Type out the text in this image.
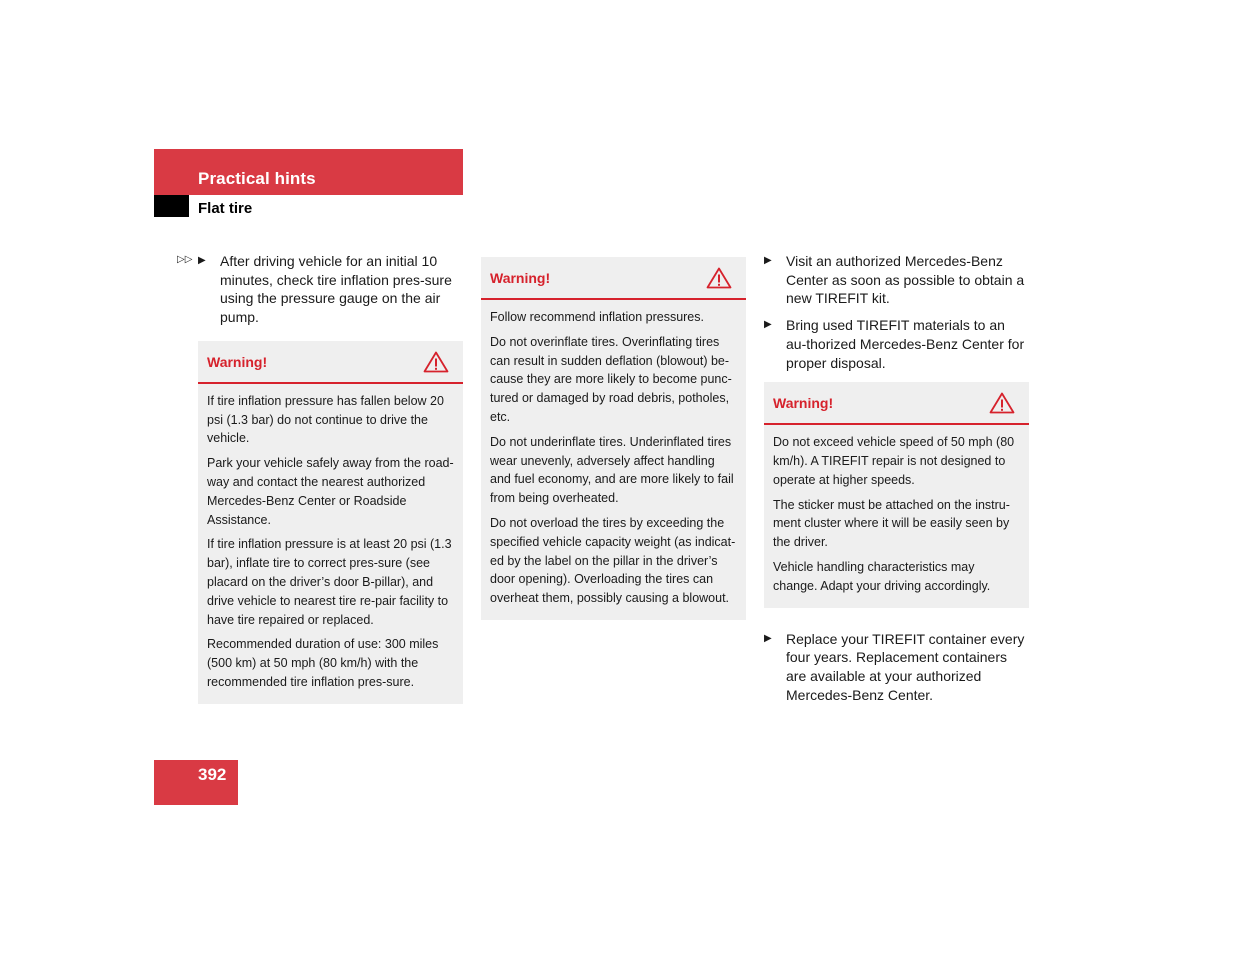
Practical hints
Flat tire
▷▷ ▶ After driving vehicle for an initial 10 minutes, check tire inflation pres-sure using the pressure gauge on the air pump.
Warning!

If tire inflation pressure has fallen below 20 psi (1.3 bar) do not continue to drive the vehicle.

Park your vehicle safely away from the road-way and contact the nearest authorized Mercedes-Benz Center or Roadside Assistance.

If tire inflation pressure is at least 20 psi (1.3 bar), inflate tire to correct pres-sure (see placard on the driver’s door B-pillar), and drive vehicle to nearest tire re-pair facility to have tire repaired or replaced.

Recommended duration of use: 300 miles (500 km) at 50 mph (80 km/h) with the recommended tire inflation pres-sure.

Warning!

Follow recommend inflation pressures.

Do not overinflate tires. Overinflating tires can result in sudden deflation (blowout) be-cause they are more likely to become punc-tured or damaged by road debris, potholes, etc.

Do not underinflate tires. Underinflated tires wear unevenly, adversely affect handling and fuel economy, and are more likely to fail from being overheated.

Do not overload the tires by exceeding the specified vehicle capacity weight (as indicat-ed by the label on the pillar in the driver’s door opening). Overloading the tires can overheat them, possibly causing a blowout.

▶ Visit an authorized Mercedes-Benz Center as soon as possible to obtain a new TIREFIT kit.
▶ Bring used TIREFIT materials to an au-thorized Mercedes-Benz Center for proper disposal.
Warning!

Do not exceed vehicle speed of 50 mph (80 km/h). A TIREFIT repair is not designed to operate at higher speeds.

The sticker must be attached on the instru-ment cluster where it will be easily seen by the driver.

Vehicle handling characteristics may change. Adapt your driving accordingly.

▶ Replace your TIREFIT container every four years. Replacement containers are available at your authorized Mercedes-Benz Center.
392
